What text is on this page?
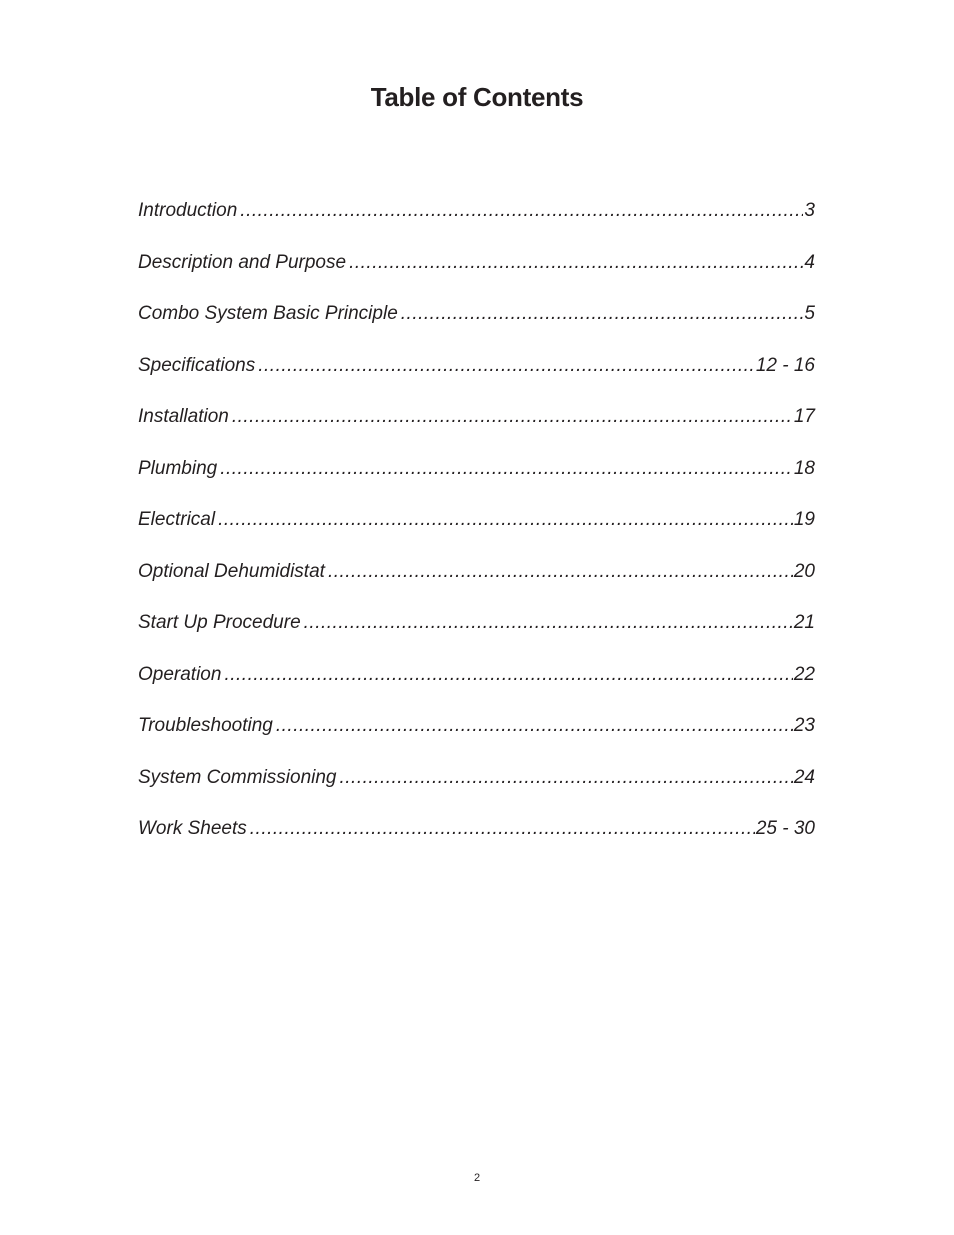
Table of Contents
Introduction .....	3
Description and Purpose .....	4
Combo System Basic Principle .....	5
Specifications .....	12 - 16
Installation .....	17
Plumbing .....	18
Electrical .....	19
Optional Dehumidistat .....	20
Start Up Procedure .....	21
Operation .....	22
Troubleshooting .....	23
System Commissioning .....	24
Work Sheets .....	25 - 30
2
